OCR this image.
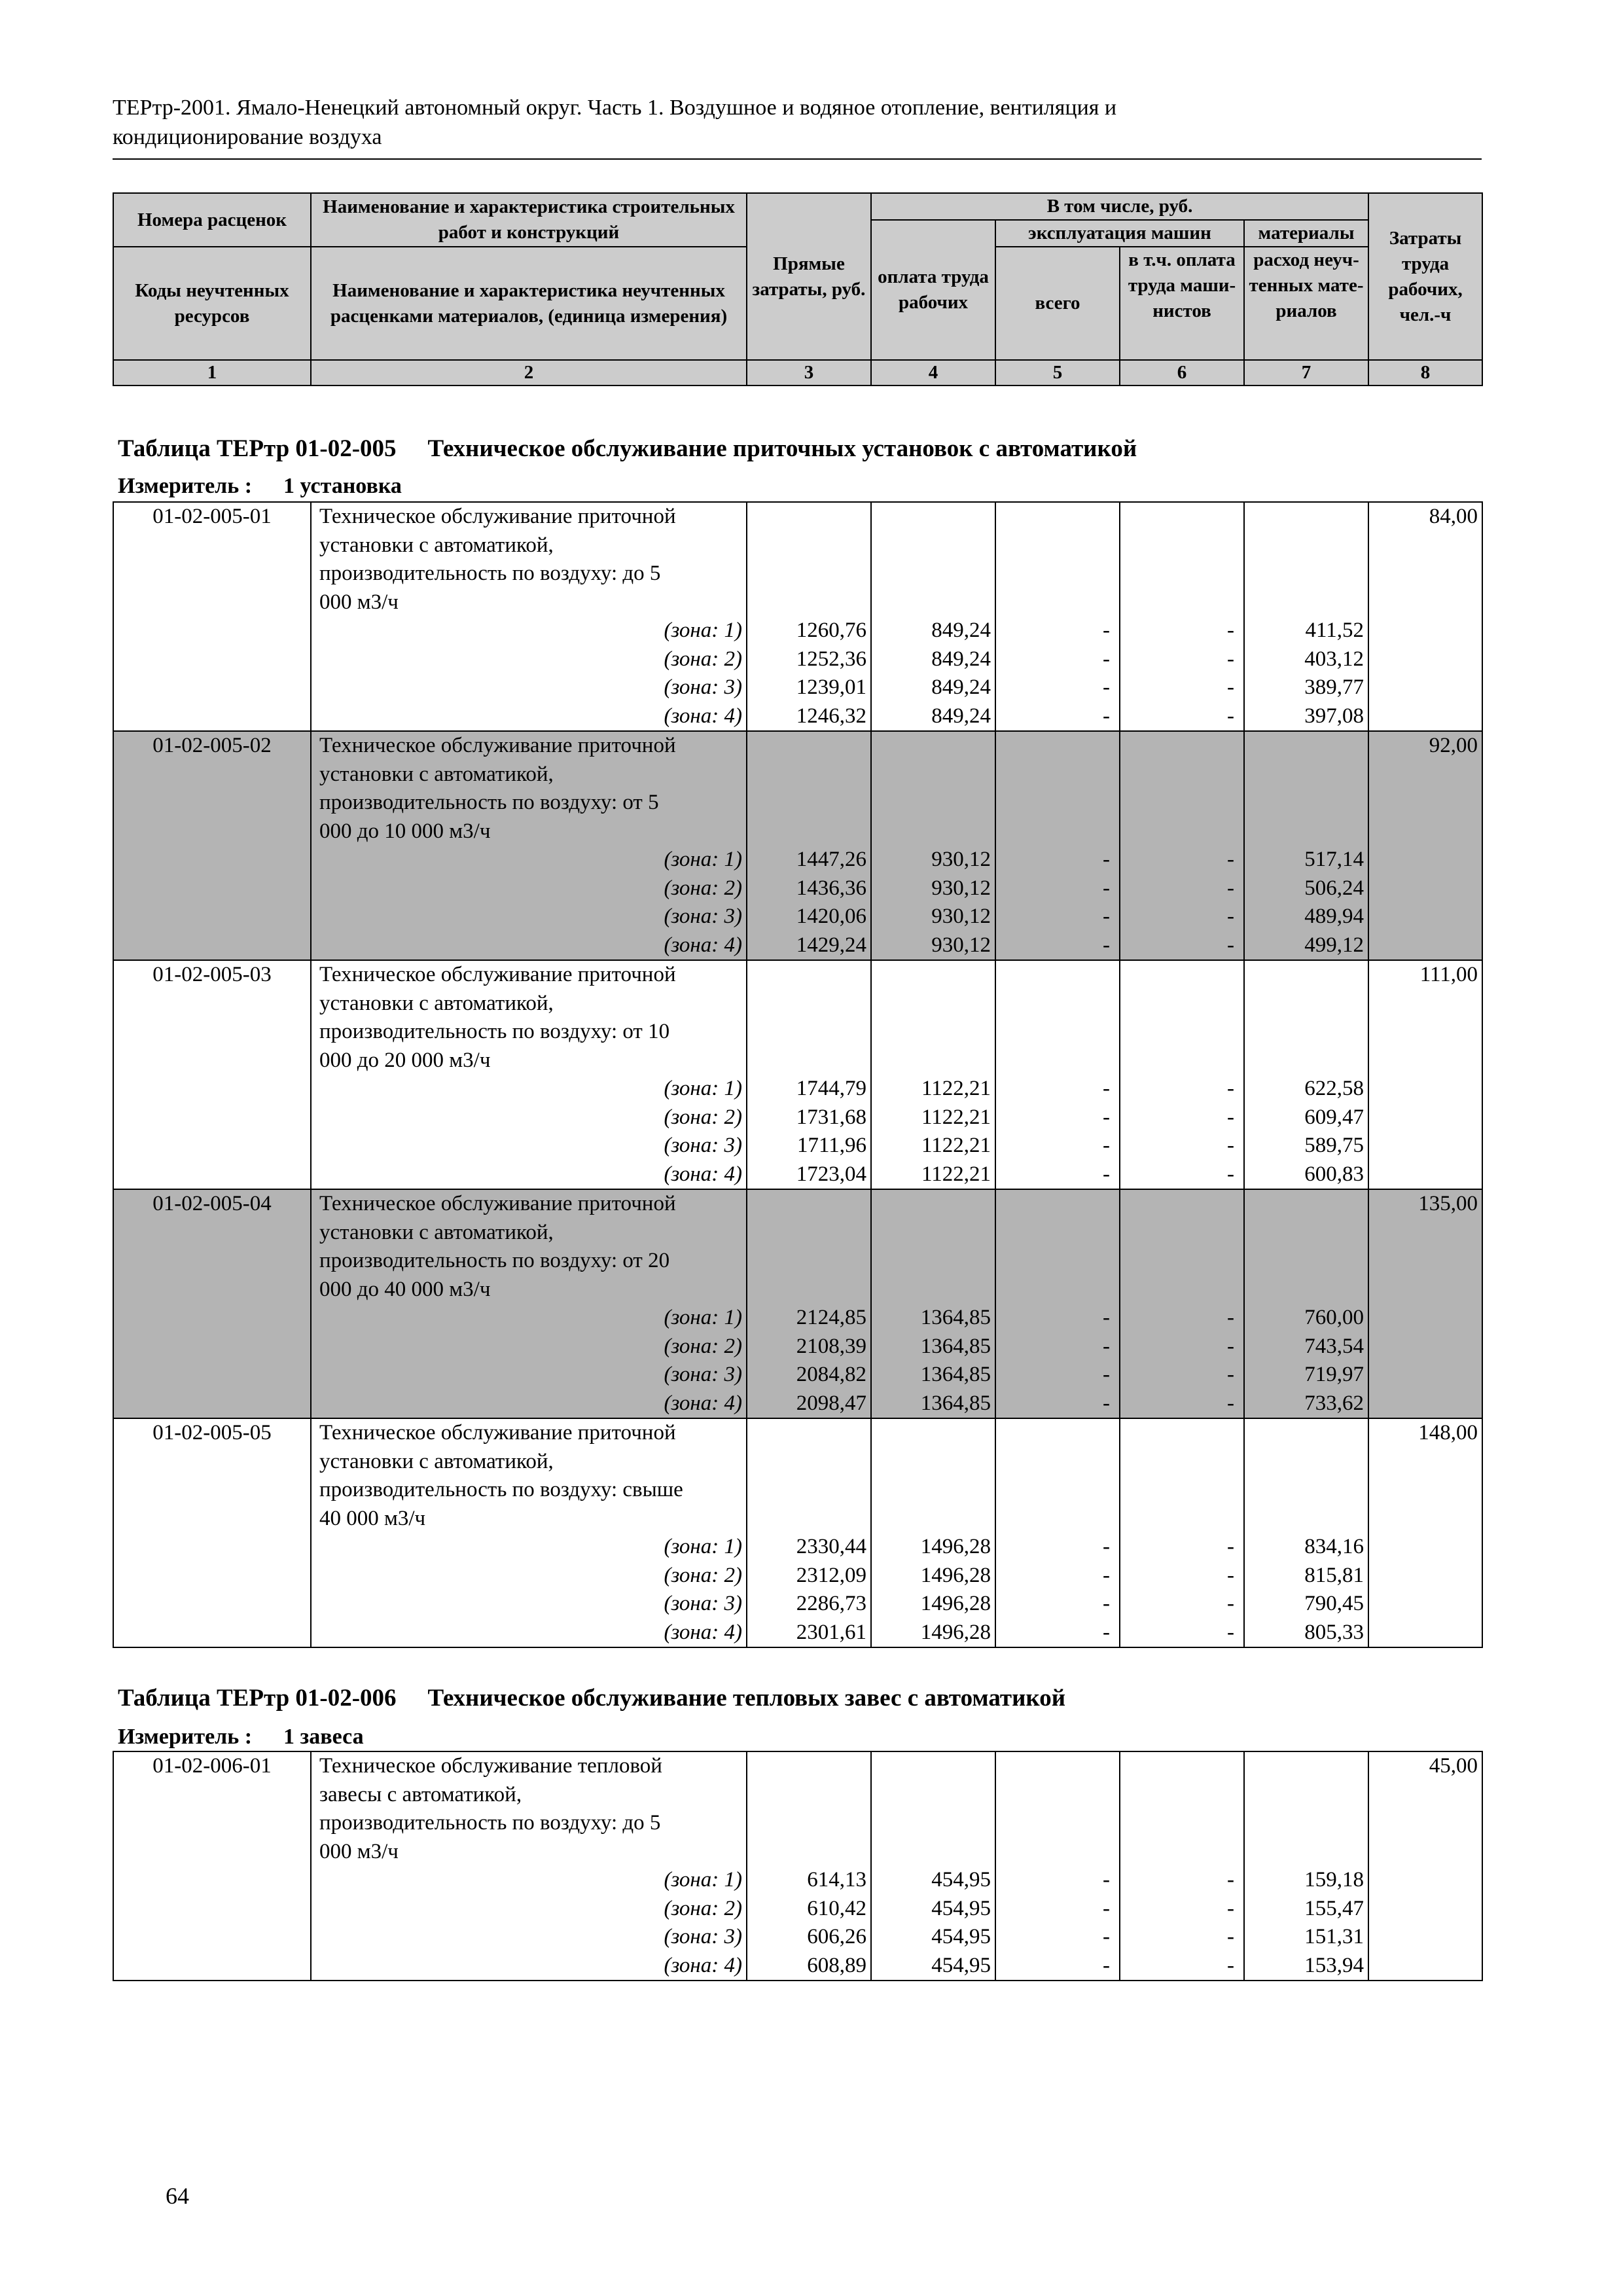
ТЕРтр-2001. Ямало-Ненецкий автономный округ. Часть 1. Воздушное и водяное отопление, вентиляция и
кондиционирование воздуха
Номера расценок	Наименование и характеристика строительных работ и конструкций	Прямые затраты, руб.	В том числе, руб.				Затраты труда рабочих, чел.-ч
			оплата труда рабочих	эксплуатация машин		материалы	
Коды неучтенных ресурсов	Наименование и характеристика неучтенных расценками материалов, (единица измерения)			всего	в т.ч. оплата труда маши-нистов	расход неуч-тенных мате-риалов	

1	2	3	4	5	6	7	8
Таблица ТЕРтр 01-02-005 Техническое обслуживание приточных установок с автоматикой
Измеритель : 1 установка
01-02-005-01	Техническое обслуживание приточной						84,00
	установки с автоматикой,						
	производительность по воздуху: до 5						
	000 м3/ч						
	(зона: 1)	1260,76	849,24	-	-	411,52	
	(зона: 2)	1252,36	849,24	-	-	403,12	
	(зона: 3)	1239,01	849,24	-	-	389,77	
	(зона: 4)	1246,32	849,24	-	-	397,08	
01-02-005-02	Техническое обслуживание приточной						92,00
	установки с автоматикой,						
	производительность по воздуху: от 5						
	000 до 10 000 м3/ч						
	(зона: 1)	1447,26	930,12	-	-	517,14	
	(зона: 2)	1436,36	930,12	-	-	506,24	
	(зона: 3)	1420,06	930,12	-	-	489,94	
	(зона: 4)	1429,24	930,12	-	-	499,12	
01-02-005-03	Техническое обслуживание приточной						111,00
	установки с автоматикой,						
	производительность по воздуху: от 10						
	000 до 20 000 м3/ч						
	(зона: 1)	1744,79	1122,21	-	-	622,58	
	(зона: 2)	1731,68	1122,21	-	-	609,47	
	(зона: 3)	1711,96	1122,21	-	-	589,75	
	(зона: 4)	1723,04	1122,21	-	-	600,83	
01-02-005-04	Техническое обслуживание приточной						135,00
	установки с автоматикой,						
	производительность по воздуху: от 20						
	000 до 40 000 м3/ч						
	(зона: 1)	2124,85	1364,85	-	-	760,00	
	(зона: 2)	2108,39	1364,85	-	-	743,54	
	(зона: 3)	2084,82	1364,85	-	-	719,97	
	(зона: 4)	2098,47	1364,85	-	-	733,62	
01-02-005-05	Техническое обслуживание приточной						148,00
	установки с автоматикой,						
	производительность по воздуху: свыше						
	40 000 м3/ч						
	(зона: 1)	2330,44	1496,28	-	-	834,16	
	(зона: 2)	2312,09	1496,28	-	-	815,81	
	(зона: 3)	2286,73	1496,28	-	-	790,45	
	(зона: 4)	2301,61	1496,28	-	-	805,33	
Таблица ТЕРтр 01-02-006 Техническое обслуживание тепловых завес с автоматикой
Измеритель : 1 завеса
01-02-006-01	Техническое обслуживание тепловой						45,00
	завесы с автоматикой,						
	производительность по воздуху: до 5						
	000 м3/ч						
	(зона: 1)	614,13	454,95	-	-	159,18	
	(зона: 2)	610,42	454,95	-	-	155,47	
	(зона: 3)	606,26	454,95	-	-	151,31	
	(зона: 4)	608,89	454,95	-	-	153,94	
64
